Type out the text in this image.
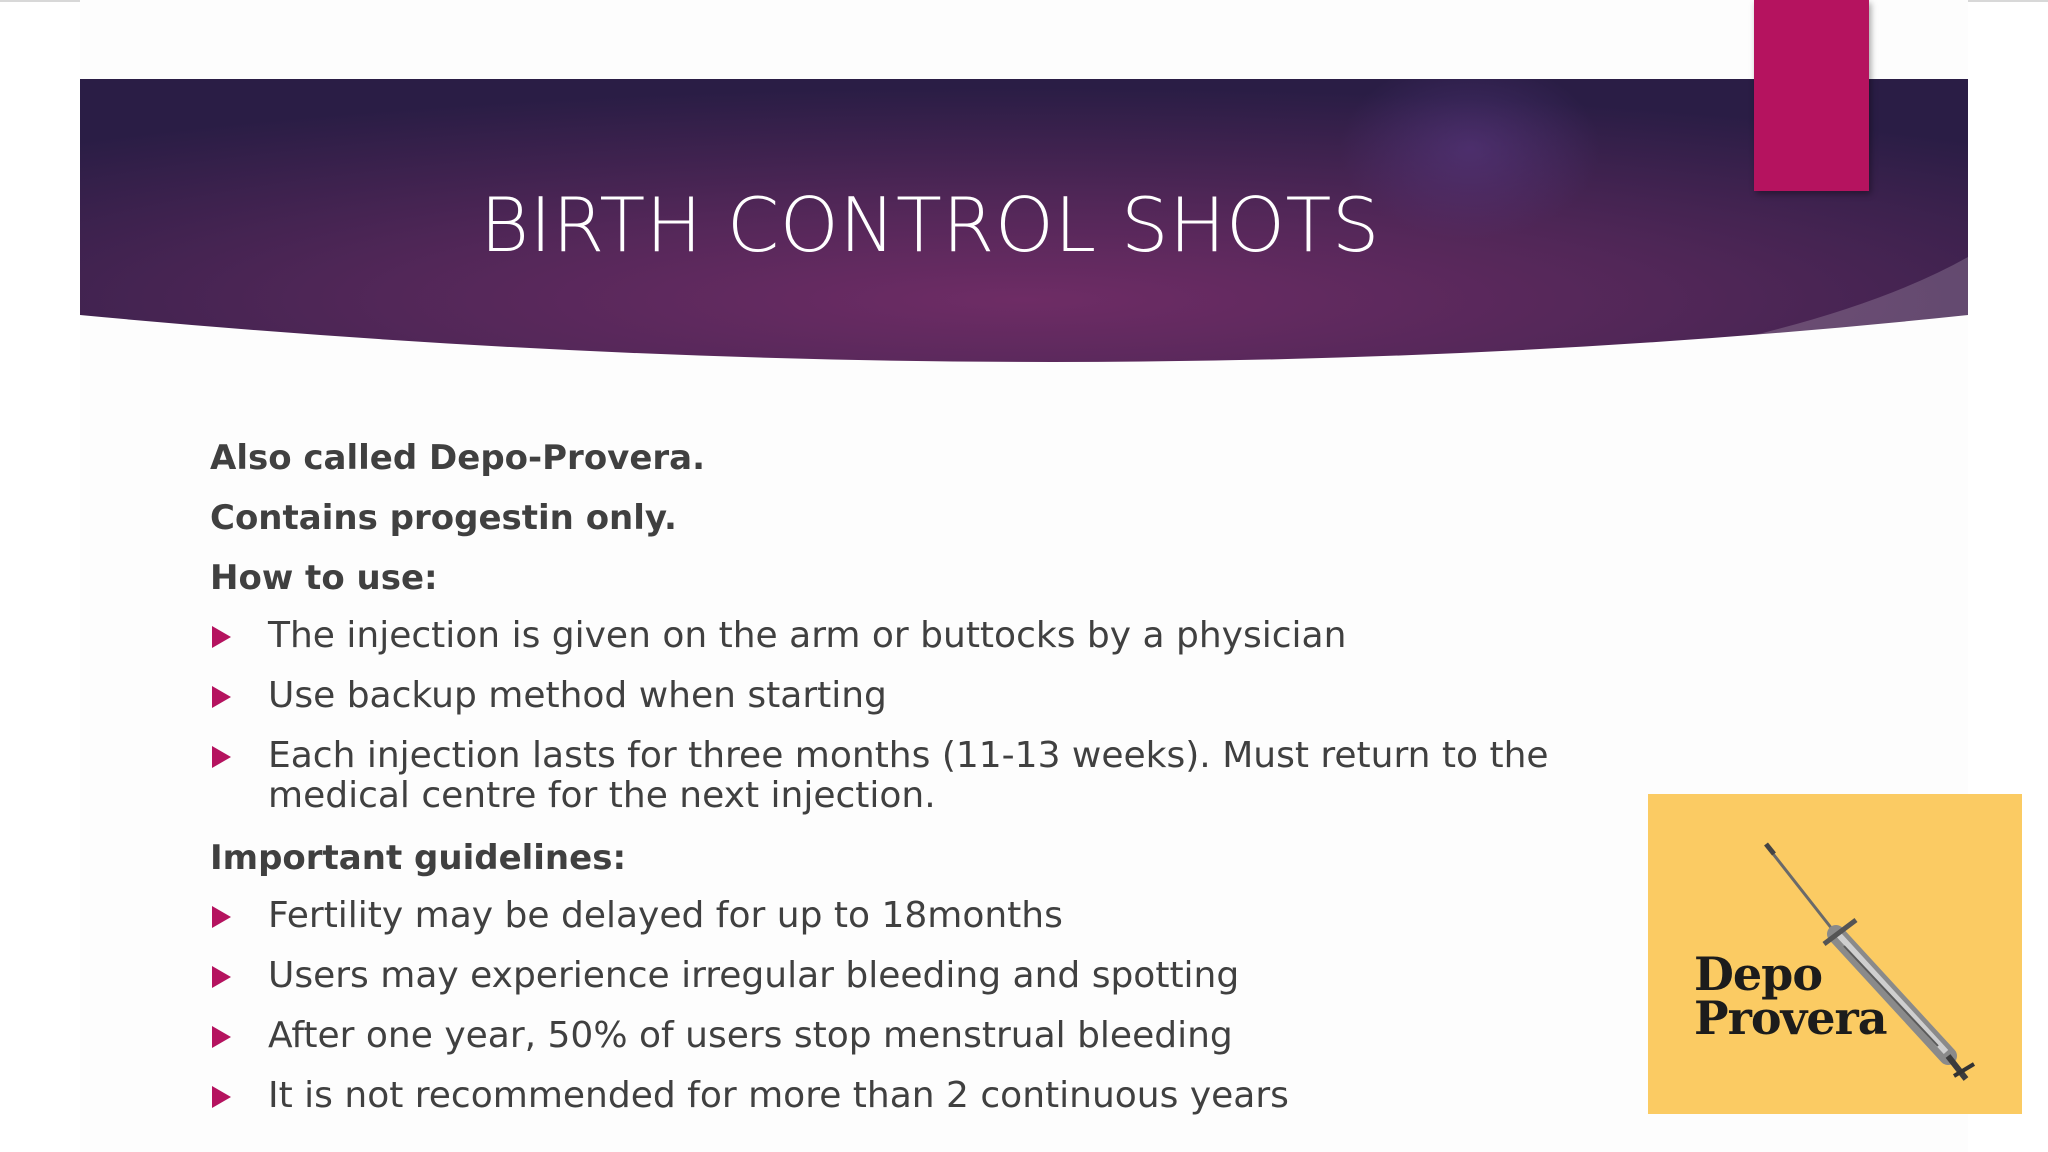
BIRTH CONTROL SHOTS
Also called Depo-Provera.
Contains progestin only.
How to use:
The injection is given on the arm or buttocks by a physician
Use backup method when starting
Each injection lasts for three months (11-13 weeks). Must return to the medical centre for the next injection.
Important guidelines:
Fertility may be delayed for up to 18months
Users may experience irregular bleeding and spotting
After one year, 50% of users stop menstrual bleeding
It is not recommended for more than 2 continuous years
Depo
Provera
